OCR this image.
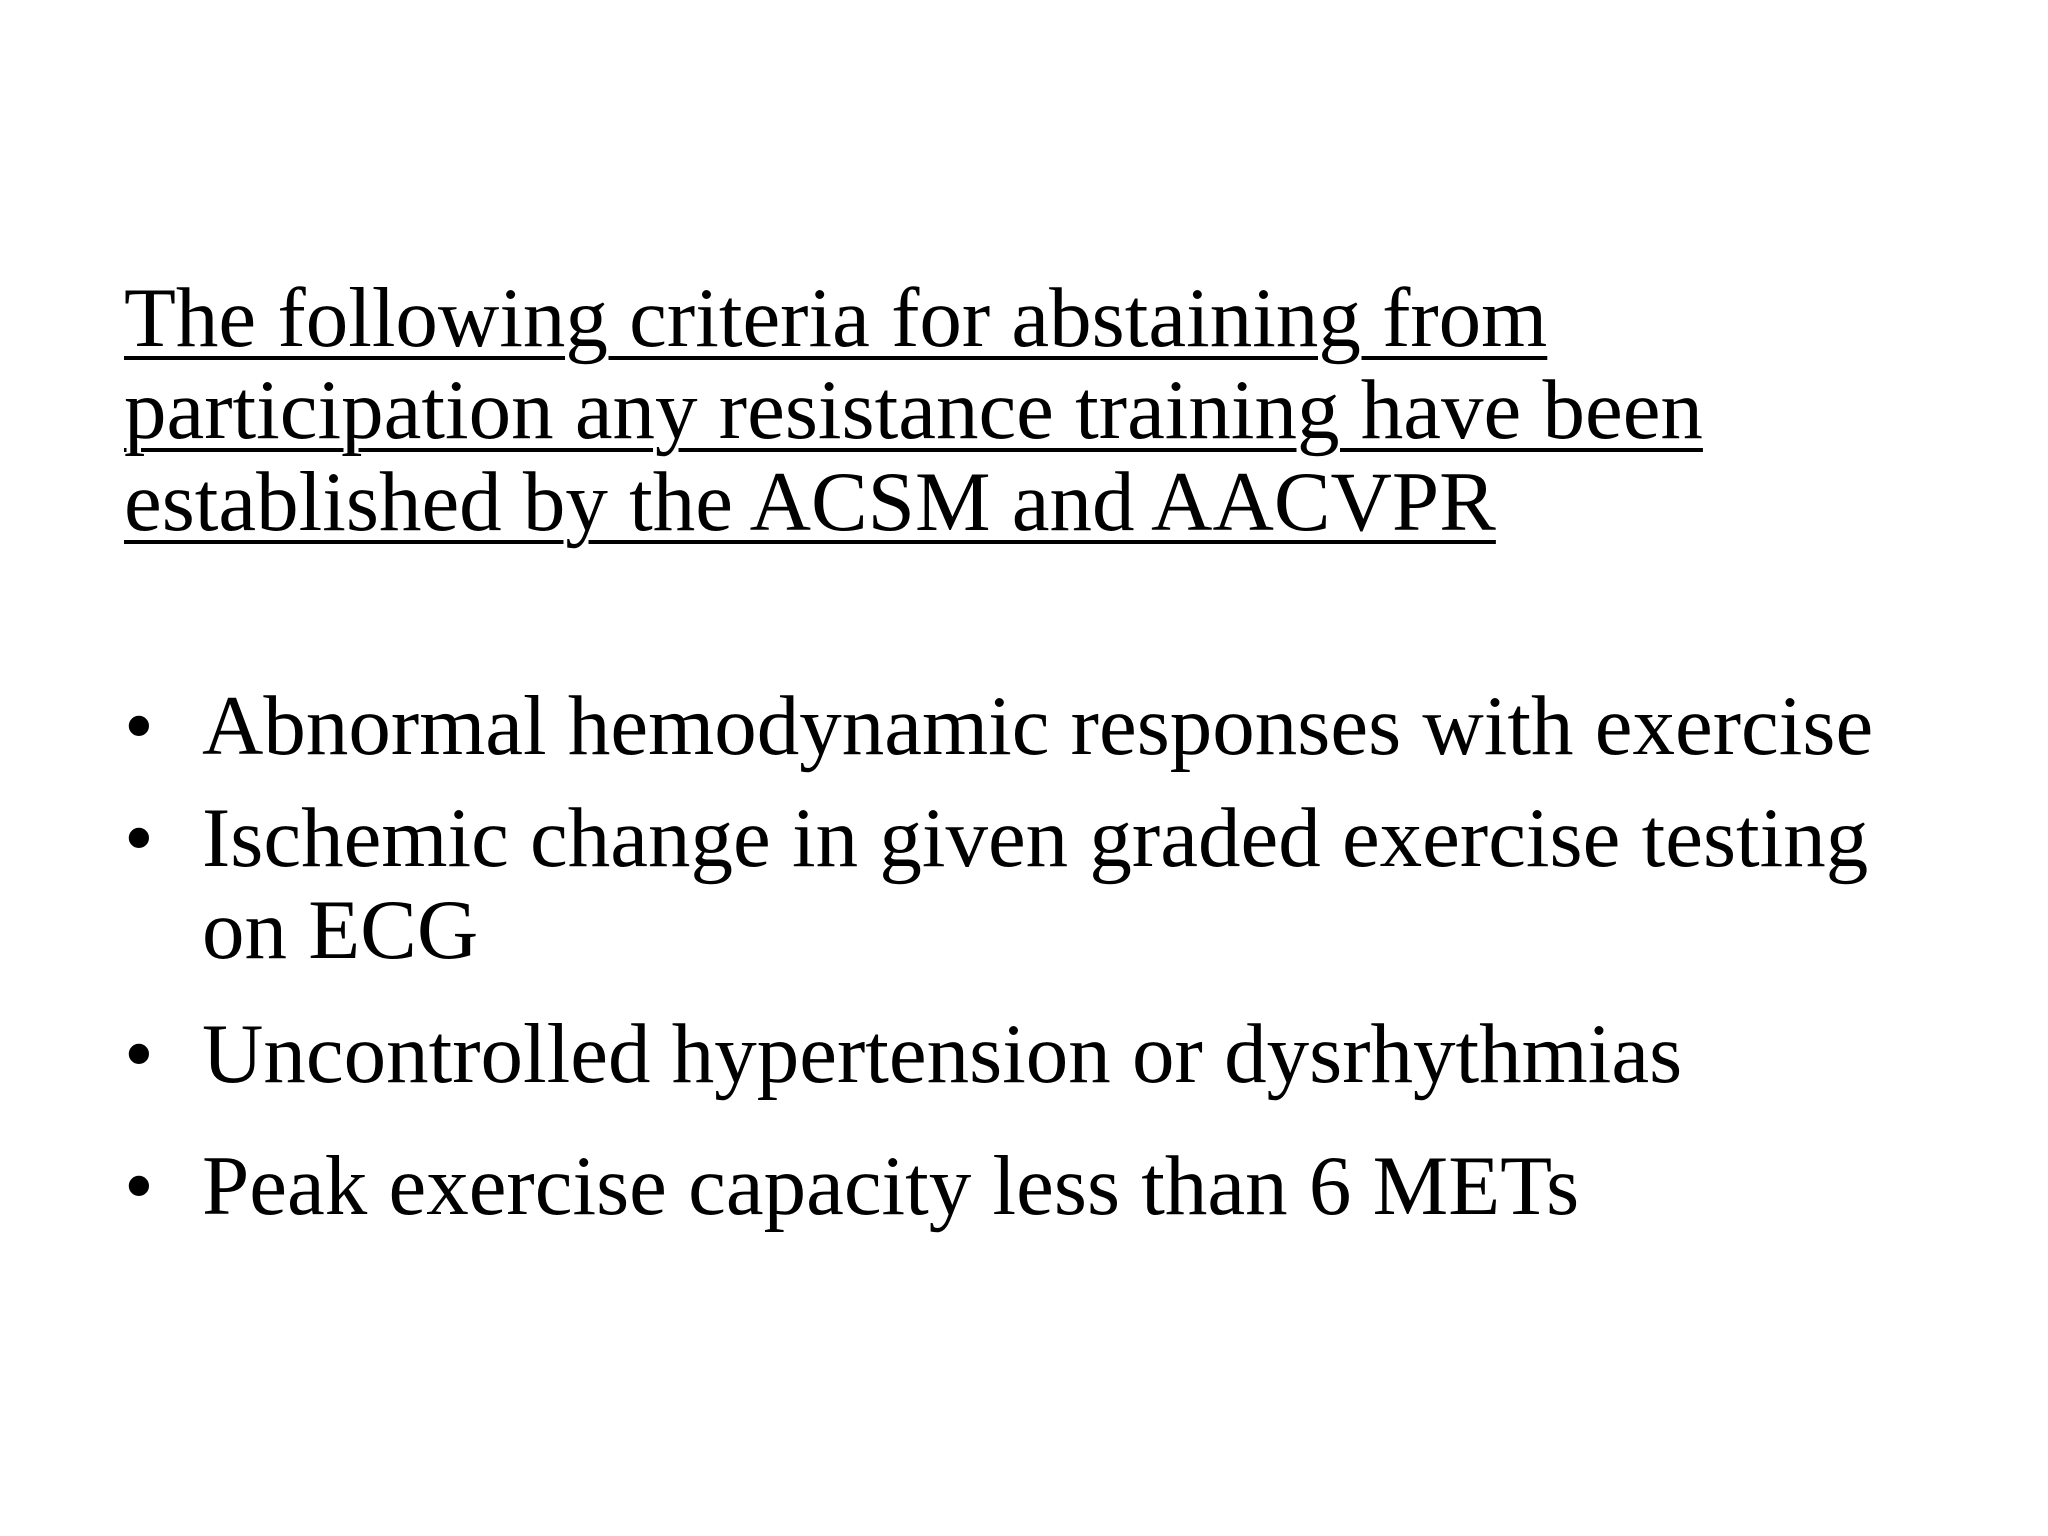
The following criteria for abstaining from
participation any resistance training have been
established by the ACSM and AACVPR
• Abnormal hemodynamic responses with exercise
• Ischemic change in given graded exercise testing
on ECG
• Uncontrolled hypertension or dysrhythmias
• Peak exercise capacity less than 6 METs
